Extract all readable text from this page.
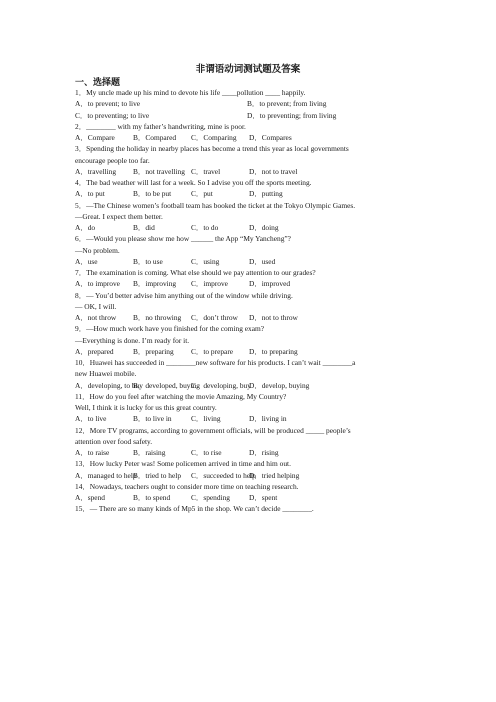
非谓语动词测试题及答案
一、选择题
1．My uncle made up his mind to devote his life ____pollution ____ happily.
A．to prevent; to live	B．to prevent; from living
C．to preventing; to live	D．to preventing; from living
2．________ with my father’s handwriting, mine is poor.
A．Compare	B．Compared	C．Comparing	D．Compares
3．Spending the holiday in nearby places has become a trend this year as local governments
encourage people too far.
A．travelling	B．not travelling C．travel	D．not to travel
4．The bad weather will last for a week. So I advise you off the sports meeting.
A．to put	B．to be put	C．put	D．putting
5．—The Chinese women’s football team has booked the ticket at the Tokyo Olympic Games.
—Great. I expect them better.
A．do	B．did	C．to do	D．doing
6．—Would you please show me how ______ the App “My Yancheng”?
—No problem.
A．use	B．to use	C．using	D．used
7．The examination is coming. What else should we pay attention to our grades?
A．to improve	B．improving	C．improve	D．improved
8．— You’d better advise him anything out of the window while driving.
— OK, I will.
A．not throw	B．no throwing	C．don’t throw	D．not to throw
9．—How much work have you finished for the coming exam?
—Everything is done. I’m ready for it.
A．prepared	B．preparing	C．to prepare	D．to preparing
10．Huawei has succeeded in ________new software for his products. I can’t wait ________a
new Huawei mobile.
A．developing, to buy
B．developed, buying
C．developing, buy
D．develop, buying
11．How do you feel after watching the movie Amazing, My Country?
Well, I think it is lucky for us this great country.
A．to live	B．to live in	C．living	D．living in
12．More TV programs, according to government officials, will be produced _____ people’s
attention over food safety.
A．to raise	B．raising	C．to rise	D．rising
13．How lucky Peter was! Some policemen arrived in time and him out.
A．managed to help
B．tried to help	C．succeeded to help
D．tried helping
14．Nowadays, teachers ought to consider more time on teaching research.
A．spend	B．to spend	C．spending	D．spent
15．— There are so many kinds of Mp5 in the shop. We can’t decide ________.
